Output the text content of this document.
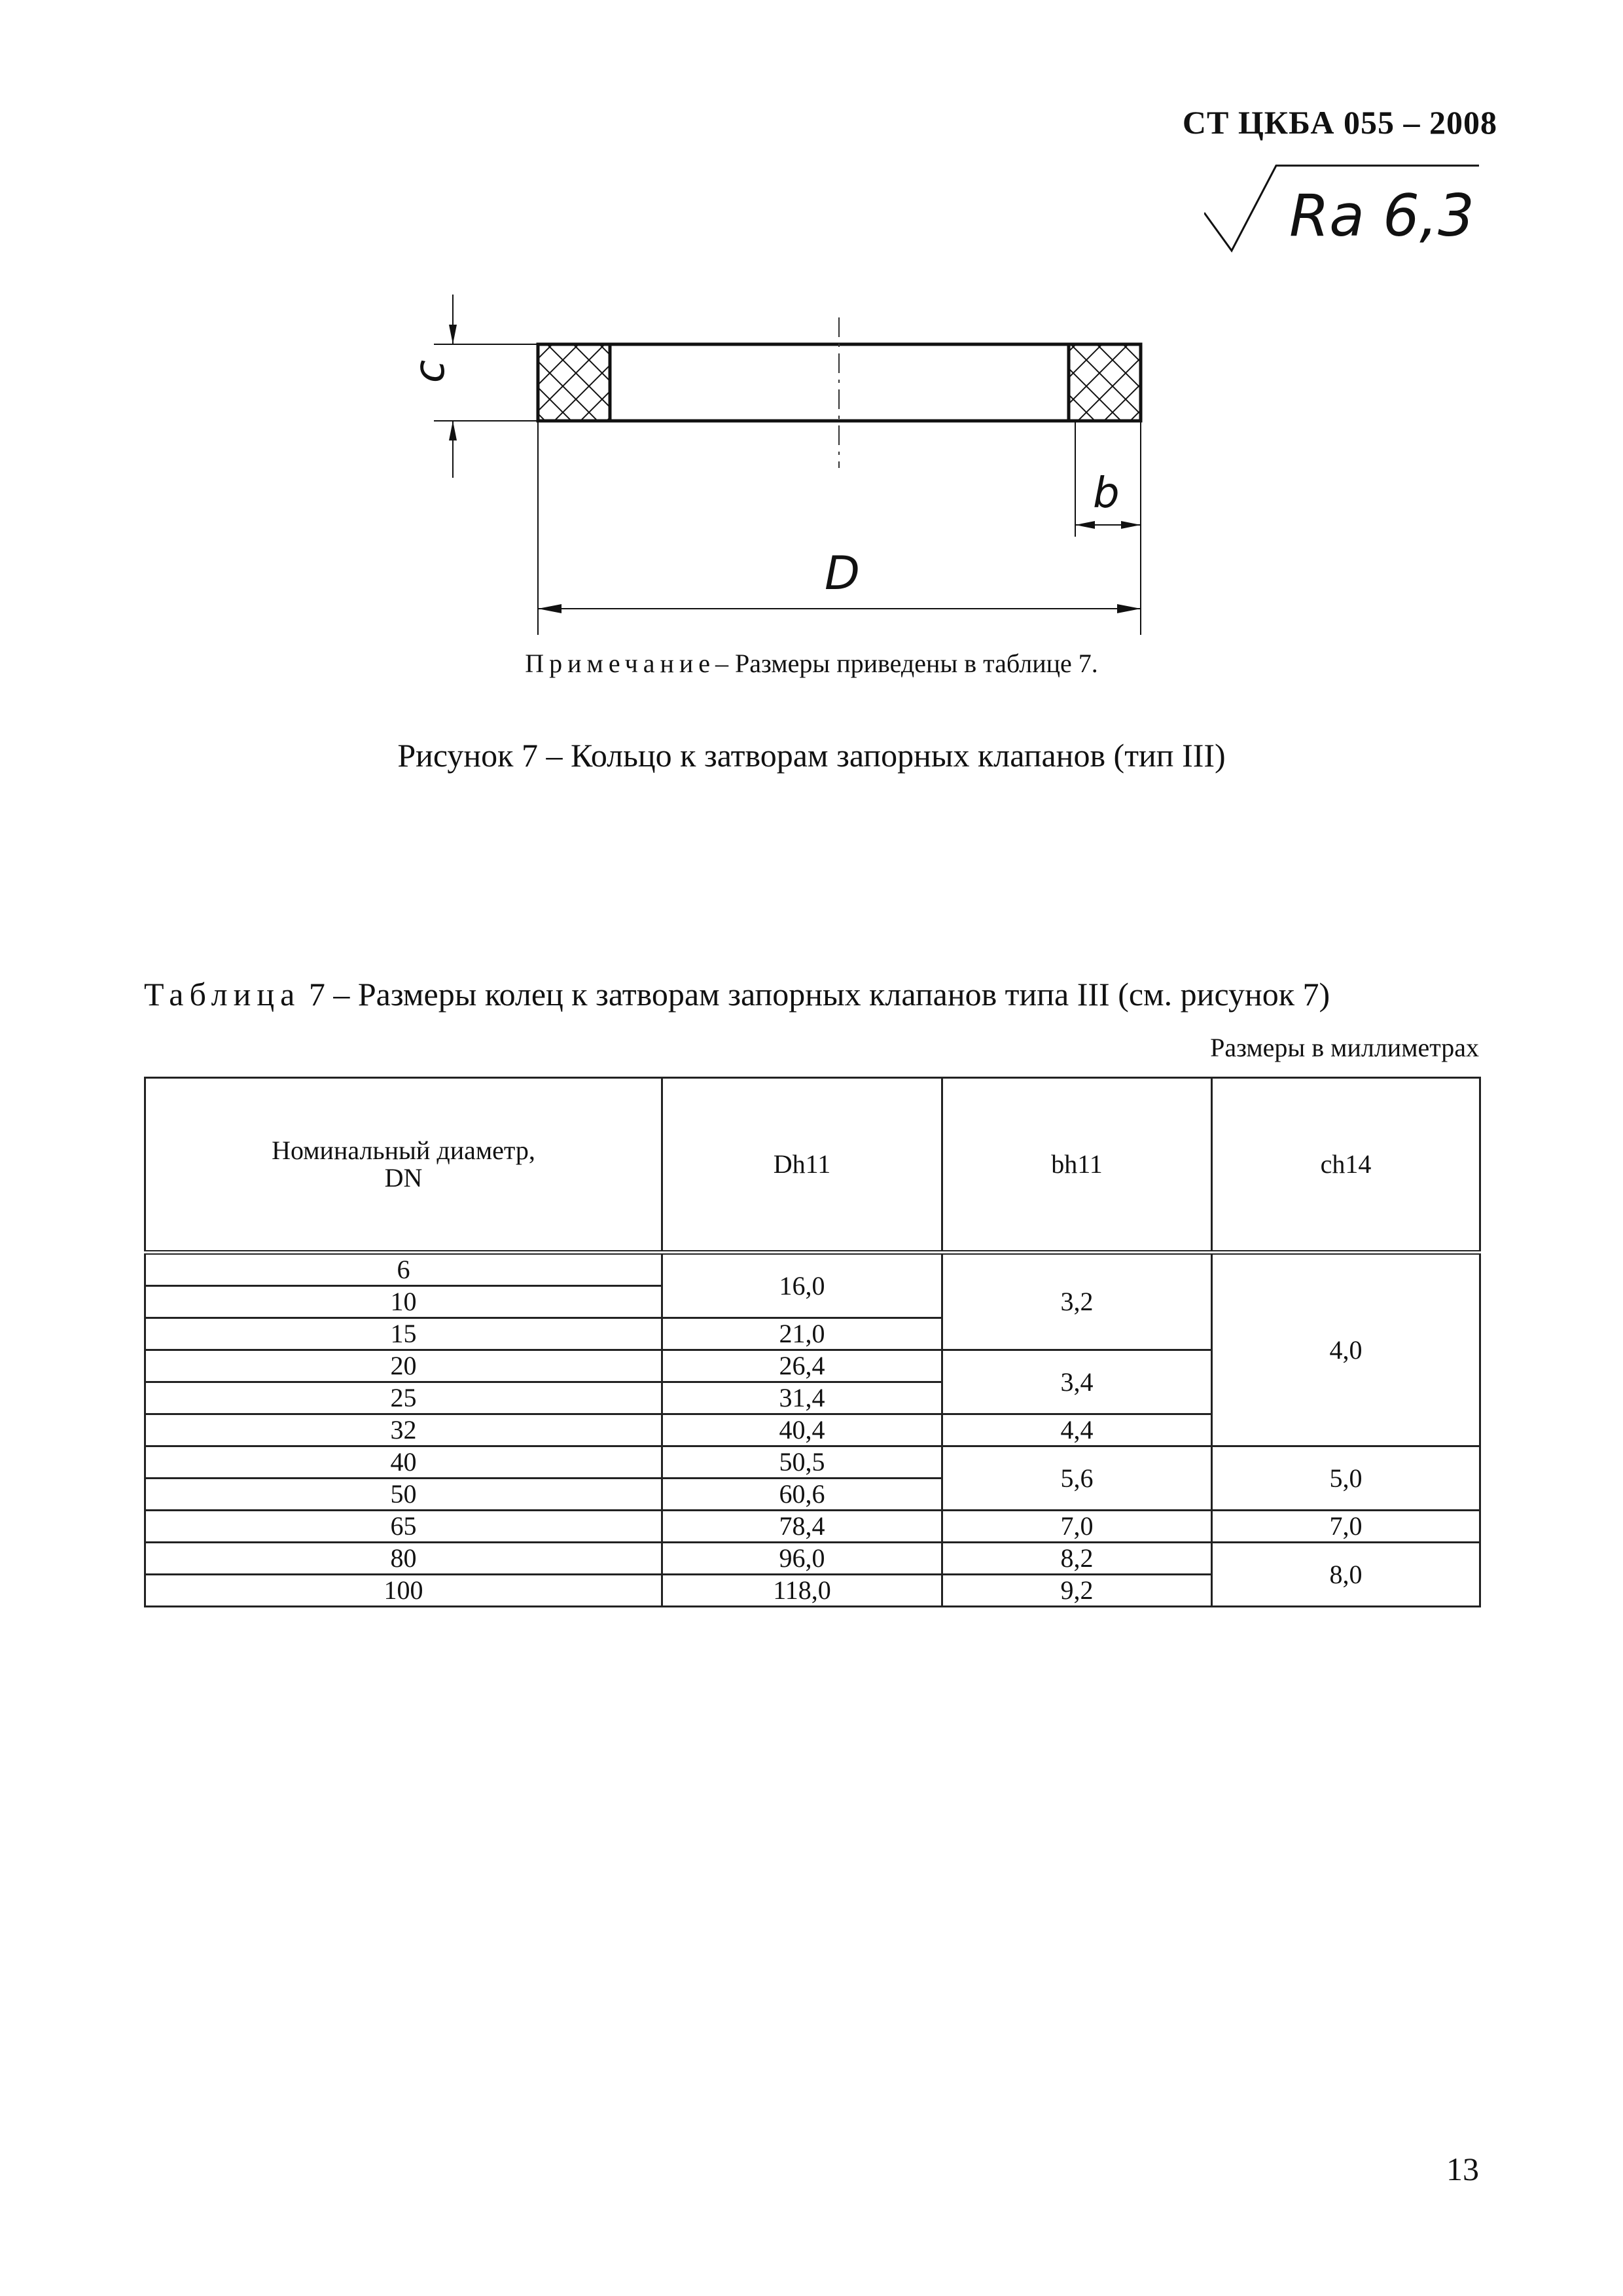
СТ ЦКБА 055 – 2008
Ra 6,3
c
b
D
Примечание– Размеры приведены в таблице 7.
Рисунок 7 – Кольцо к затворам запорных клапанов (тип III)
Таблица 7 – Размеры колец к затворам запорных клапанов типа III (см. рисунок 7)
Размеры в миллиметрах
Номинальный диаметр,
DN	Dh11	bh11	ch14
6	16,0	3,2	4,0
10			
15	21,0		
20	26,4	3,4	
25	31,4		
32	40,4	4,4	
40	50,5	5,6	5,0
50	60,6		
65	78,4	7,0	7,0
80	96,0	8,2	8,0
100	118,0	9,2	
13
